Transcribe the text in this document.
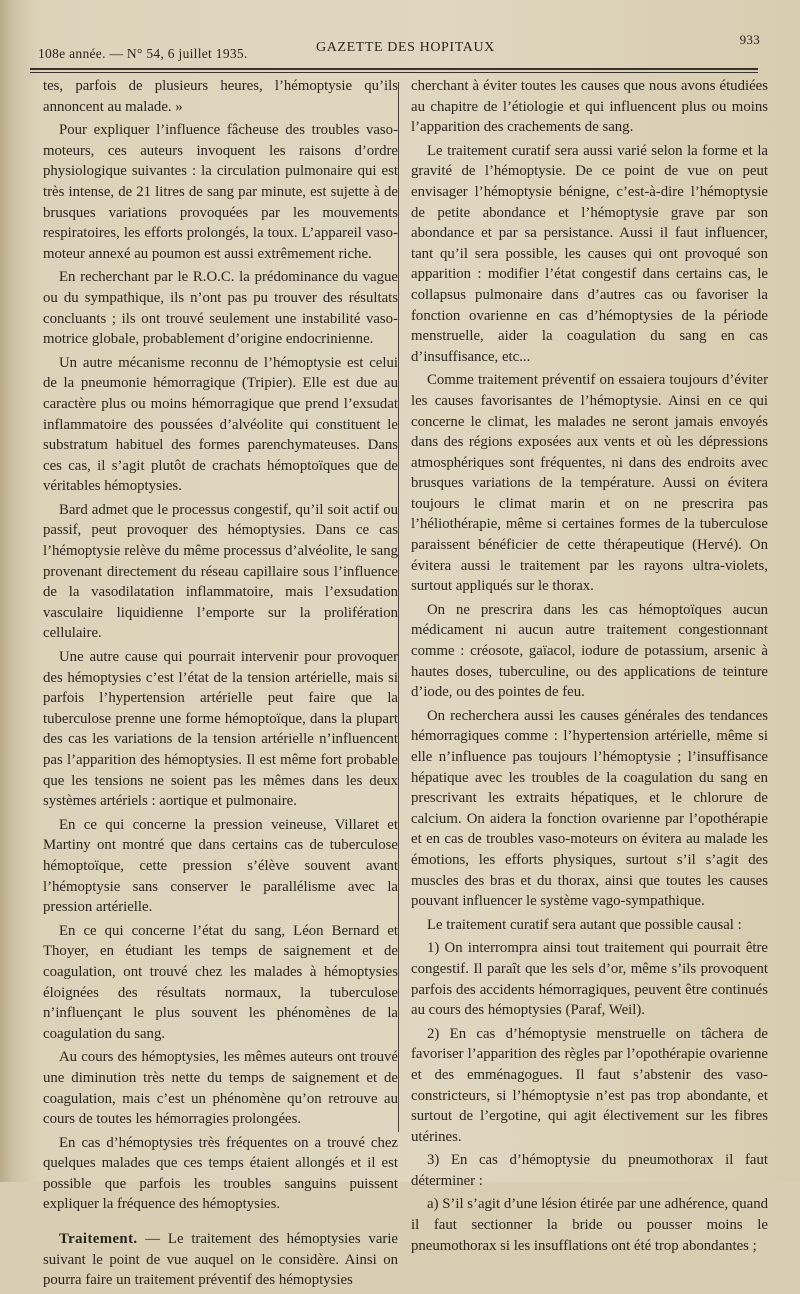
108e année. — N° 54, 6 juillet 1935.	GAZETTE DES HOPITAUX
933

tes, parfois de plusieurs heures, l’hémoptysie qu’ils annoncent au malade. »

Pour expliquer l’influence fâcheuse des troubles vaso-moteurs, ces auteurs invoquent les raisons d’ordre physiologique suivantes : la circulation pulmonaire qui est très intense, de 21 litres de sang par minute, est sujette à de brusques variations provoquées par les mouvements respiratoires, les efforts prolongés, la toux. L’appareil vaso-moteur annexé au poumon est aussi extrêmement riche.

En recherchant par le R.O.C. la prédominance du vague ou du sympathique, ils n’ont pas pu trouver des résultats concluants ; ils ont trouvé seulement une instabilité vaso-motrice globale, probablement d’origine endocrinienne.

Un autre mécanisme reconnu de l’hémoptysie est celui de la pneumonie hémorragique (Tripier). Elle est due au caractère plus ou moins hémorragique que prend l’exsudat inflammatoire des poussées d’alvéolite qui constituent le substratum habituel des formes parenchymateuses. Dans ces cas, il s’agit plutôt de crachats hémoptoïques que de véritables hémoptysies.

Bard admet que le processus congestif, qu’il soit actif ou passif, peut provoquer des hémoptysies. Dans ce cas l’hémoptysie relève du même processus d’alvéolite, le sang provenant directement du réseau capillaire sous l’influence de la vasodilatation inflammatoire, mais l’exsudation vasculaire liquidienne l’emporte sur la prolifération cellulaire.

Une autre cause qui pourrait intervenir pour provoquer des hémoptysies c’est l’état de la tension artérielle, mais si parfois l’hypertension artérielle peut faire que la tuberculose prenne une forme hémoptoïque, dans la plupart des cas les variations de la tension artérielle n’influencent pas l’apparition des hémoptysies. Il est même fort probable que les tensions ne soient pas les mêmes dans les deux systèmes artériels : aortique et pulmonaire.

En ce qui concerne la pression veineuse, Villaret et Martiny ont montré que dans certains cas de tuberculose hémoptoïque, cette pression s’élève souvent avant l’hémoptysie sans conserver le parallélisme avec la pression artérielle.

En ce qui concerne l’état du sang, Léon Bernard et Thoyer, en étudiant les temps de saignement et de coagulation, ont trouvé chez les malades à hémoptysies éloignées des résultats normaux, la tuberculose n’influençant le plus souvent les phénomènes de la coagulation du sang.

Au cours des hémoptysies, les mêmes auteurs ont trouvé une diminution très nette du temps de saignement et de coagulation, mais c’est un phénomène qu’on retrouve au cours de toutes les hémorragies prolongées.

En cas d’hémoptysies très fréquentes on a trouvé chez quelques malades que ces temps étaient allongés et il est possible que parfois les troubles sanguins puissent expliquer la fréquence des hémoptysies.

Traitement. — Le traitement des hémoptysies varie suivant le point de vue auquel on le considère. Ainsi on pourra faire un traitement préventif des hémoptysies

cherchant à éviter toutes les causes que nous avons étudiées au chapitre de l’étiologie et qui influencent plus ou moins l’apparition des crachements de sang.

Le traitement curatif sera aussi varié selon la forme et la gravité de l’hémoptysie. De ce point de vue on peut envisager l’hémoptysie bénigne, c’est-à-dire l’hémoptysie de petite abondance et l’hémoptysie grave par son abondance et par sa persistance. Aussi il faut influencer, tant qu’il sera possible, les causes qui ont provoqué son apparition : modifier l’état congestif dans certains cas, le collapsus pulmonaire dans d’autres cas ou favoriser la fonction ovarienne en cas d’hémoptysies de la période menstruelle, aider la coagulation du sang en cas d’insuffisance, etc...

Comme traitement préventif on essaiera toujours d’éviter les causes favorisantes de l’hémoptysie. Ainsi en ce qui concerne le climat, les malades ne seront jamais envoyés dans des régions exposées aux vents et où les dépressions atmosphériques sont fréquentes, ni dans des endroits avec brusques variations de la température. Aussi on évitera toujours le climat marin et on ne prescrira pas l’héliothérapie, même si certaines formes de la tuberculose paraissent bénéficier de cette thérapeutique (Hervé). On évitera aussi le traitement par les rayons ultra-violets, surtout appliqués sur le thorax.

On ne prescrira dans les cas hémoptoïques aucun médicament ni aucun autre traitement congestionnant comme : créosote, gaïacol, iodure de potassium, arsenic à hautes doses, tuberculine, ou des applications de teinture d’iode, ou des pointes de feu.

On recherchera aussi les causes générales des tendances hémorragiques comme : l’hypertension artérielle, même si elle n’influence pas toujours l’hémoptysie ; l’insuffisance hépatique avec les troubles de la coagulation du sang en prescrivant les extraits hépatiques, et le chlorure de calcium. On aidera la fonction ovarienne par l’opothérapie et en cas de troubles vaso-moteurs on évitera au malade les émotions, les efforts physiques, surtout s’il s’agit des muscles des bras et du thorax, ainsi que toutes les causes pouvant influencer le système vago-sympathique.

Le traitement curatif sera autant que possible causal :

1) On interrompra ainsi tout traitement qui pourrait être congestif. Il paraît que les sels d’or, même s’ils provoquent parfois des accidents hémorragiques, peuvent être continués au cours des hémoptysies (Paraf, Weil).

2) En cas d’hémoptysie menstruelle on tâchera de favoriser l’apparition des règles par l’opothérapie ovarienne et des emménagogues. Il faut s’abstenir des vaso-constricteurs, si l’hémoptysie n’est pas trop abondante, et surtout de l’ergotine, qui agit électivement sur les fibres utérines.

3) En cas d’hémoptysie du pneumothorax il faut déterminer :

a) S’il s’agit d’une lésion étirée par une adhérence, quand il faut sectionner la bride ou pousser moins le pneumothorax si les insufflations ont été trop abondantes ;
